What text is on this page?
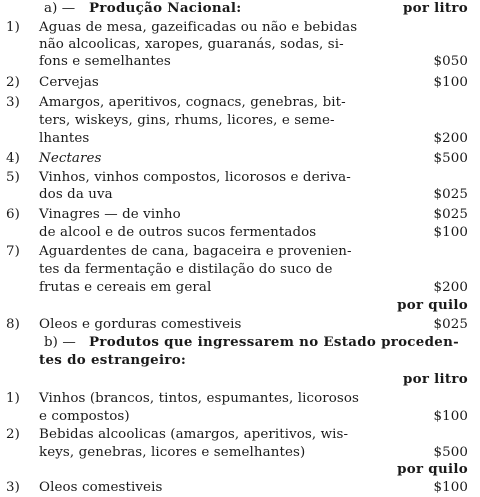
a) — Produção Nacional:	por litro
1) Aguas de mesa, gazeificadas ou não e bebidas
não alcoolicas, xaropes, guaranás, sodas, si-
fons e semelhantes	$050
2) Cervejas	$100
3) Amargos, aperitivos, cognacs, genebras, bit-
ters, wiskeys, gins, rhums, licores, e seme-
lhantes	$200
4) Nectares	$500
5) Vinhos, vinhos compostos, licorosos e deriva-
dos da uva	$025
6) Vinagres — de vinho	$025
de alcool e de outros sucos fermentados	$100
7) Aguardentes de cana, bagaceira e provenien-
tes da fermentação e distilação do suco de
frutas e cereais em geral	$200
por quilo
8) Oleos e gorduras comestiveis	$025
b) — Produtos que ingressarem no Estado proceden-
tes do estrangeiro:
por litro
1) Vinhos (brancos, tintos, espumantes, licorosos
e compostos)	$100
2) Bebidas alcoolicas (amargos, aperitivos, wis-
keys, genebras, licores e semelhantes)	$500
por quilo
3) Oleos comestiveis	$100
